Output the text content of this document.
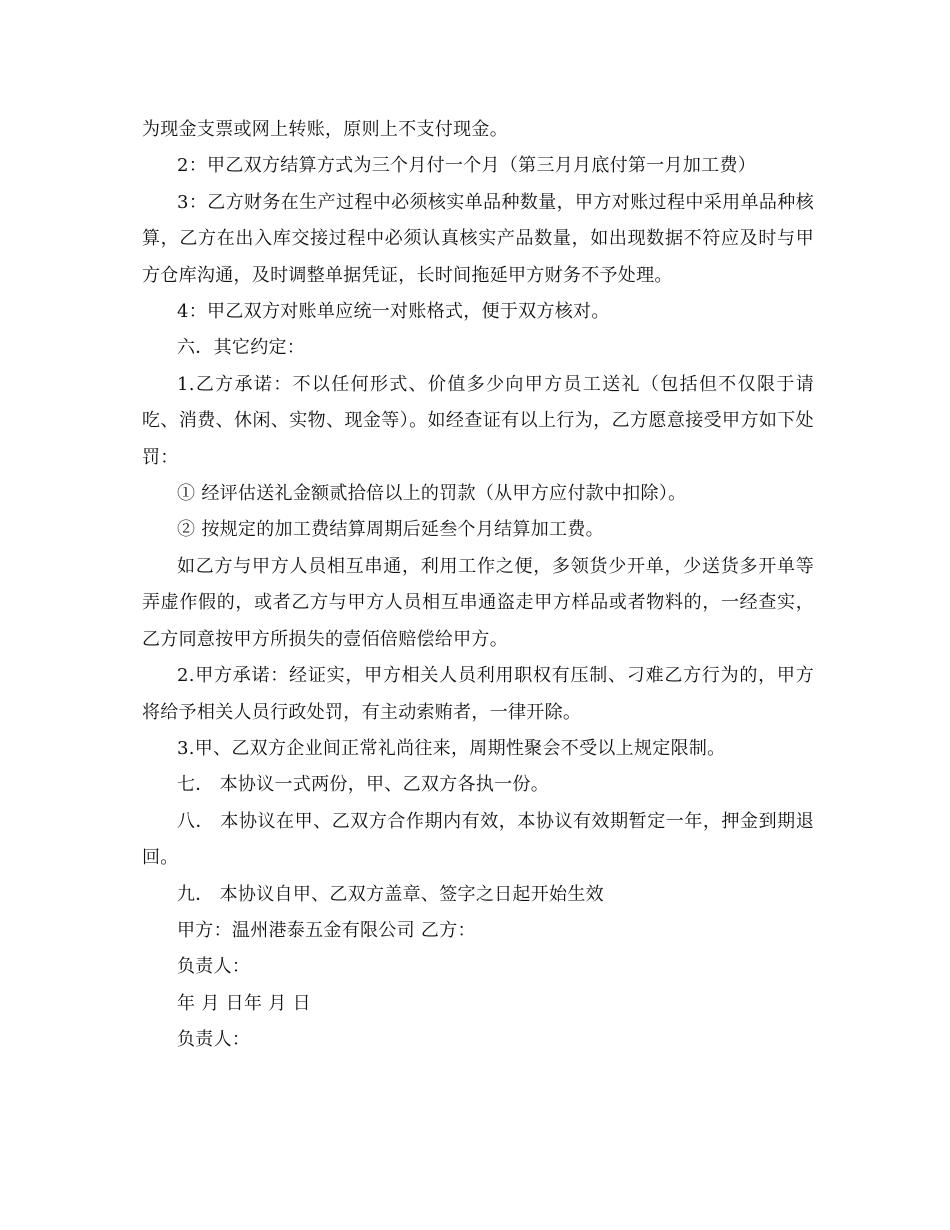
为现金支票或网上转账，原则上不支付现金。

2：甲乙双方结算方式为三个月付一个月（第三月月底付第一月加工费）

3：乙方财务在生产过程中必须核实单品种数量，甲方对账过程中采用单品种核算，乙方在出入库交接过程中必须认真核实产品数量，如出现数据不符应及时与甲方仓库沟通，及时调整单据凭证，长时间拖延甲方财务不予处理。

4：甲乙双方对账单应统一对账格式，便于双方核对。

六．其它约定：

1.乙方承诺：不以任何形式、价值多少向甲方员工送礼（包括但不仅限于请吃、消费、休闲、实物、现金等）。如经查证有以上行为，乙方愿意接受甲方如下处罚：

① 经评估送礼金额贰拾倍以上的罚款（从甲方应付款中扣除）。

② 按规定的加工费结算周期后延叁个月结算加工费。

如乙方与甲方人员相互串通，利用工作之便，多领货少开单，少送货多开单等弄虚作假的，或者乙方与甲方人员相互串通盗走甲方样品或者物料的，一经查实，乙方同意按甲方所损失的壹佰倍赔偿给甲方。

2.甲方承诺：经证实，甲方相关人员利用职权有压制、刁难乙方行为的，甲方将给予相关人员行政处罚，有主动索贿者，一律开除。

3.甲、乙双方企业间正常礼尚往来，周期性聚会不受以上规定限制。

七． 本协议一式两份，甲、乙双方各执一份。

八． 本协议在甲、乙双方合作期内有效，本协议有效期暂定一年，押金到期退回。

九． 本协议自甲、乙双方盖章、签字之日起开始生效

甲方：温州港泰五金有限公司 乙方：

负责人：

年 月 日年 月 日

负责人：
